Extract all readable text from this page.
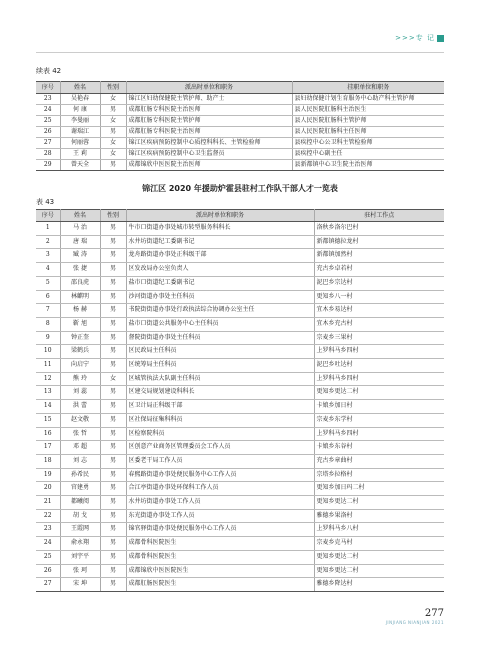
>>>专 记
续表 42
序号	姓名	性别	派出时单位和职务	挂职单位和职务
23	吴艳春	女	锦江区妇幼保健院主管护师、助产士	县妇幼保健计划生育服务中心助产科主管护师
24	何 康	男	成都肛肠专科医院主治医师	县人民医院肛肠科主治医生
25	李曼丽	女	成都肛肠专科医院主管护师	县人民医院肛肠科主管护师
26	谢瑞江	男	成都肛肠专科医院主治医师	县人民医院肛肠科主任医师
27	何丽蓉	女	锦江区疾病预防控制中心质控科科长、主管检验师	县疾控中心公卫科主管检验师
28	王 莉	女	锦江区疾病预防控制中心卫生监督员	县疾控中心副主任
29	曾天全	男	成都锦欣中医医院主治医师	县新都镇中心卫生院主治医师
锦江区 2020 年援助炉霍县驻村工作队干部人才一览表
表 43
序号	姓名	性别	派出时单位和职务	驻村工作点
1	马 治	男	牛市口街道办事处城市转型服务科科长	洛秋乡洛尔巴村
2	唐 瑞	男	水井坊街道纪工委副书记	新都镇德拉龙村
3	臧 涛	男	龙舟路街道办事处正科级干部	新都镇加然村
4	张 捷	男	区发改局办公室负责人	充古乡卓若村
5	邵良虎	男	盐市口街道纪工委副书记	泥巴乡宗达村
6	林麒明	男	沙河街道办事处主任科员	更知乡八一村
7	杨 赫	男	书院街街道办事处行政执法综合协调办公室主任	宜木乡易达村
8	靳 旭	男	盐市口街道公共服务中心主任科员	宜木乡充古村
9	钟正奎	男	督院街街道办事处主任科员	宗麦乡三果村
10	梁鹤兵	男	区民政局主任科员	上罗科马乡四村
11	向启宁	男	区统筹局主任科员	泥巴乡吐达村
12	熊 玲	女	区城管执法大队副主任科员	上罗科马乡四村
13	刘 蕊	男	区建交局规划建设科科长	更知乡更达二村
14	洪 蕾	男	区卫计局正科级干部	卡娘乡加日村
15	赵文敬	男	区社保局征集科科员	宗麦乡东学村
16	张 哲	男	区检察院科员	上罗科马乡四村
17	邓 超	男	区创意产业商务区管理委员会工作人员	卡娘乡东谷村
18	刘 志	男	区委老干局工作人员	充古乡章曲村
19	孙希民	男	春熙路街道办事处便民服务中心工作人员	宗塔乡拉格村
20	官建勇	男	合江亭街道办事处环保科工作人员	更知乡加日玛二村
21	都曦阅	男	水井坊街道办事处工作人员	更知乡更达二村
22	胡 戈	男	东光街道办事处工作人员	雅德乡果洛村
23	王霞网	男	锦官驿街道办事处便民服务中心工作人员	上罗科马乡八村
24	俞永翔	男	成都骨科医院医生	宗麦乡克马村
25	刘宇平	男	成都骨科医院医生	更知乡更达二村
26	张 珂	男	成都锦欣中医医院医生	更知乡更达二村
27	宋 坤	男	成都肛肠医院医生	雅德乡降达村
277
JINJIANG NIANJIAN 2021
